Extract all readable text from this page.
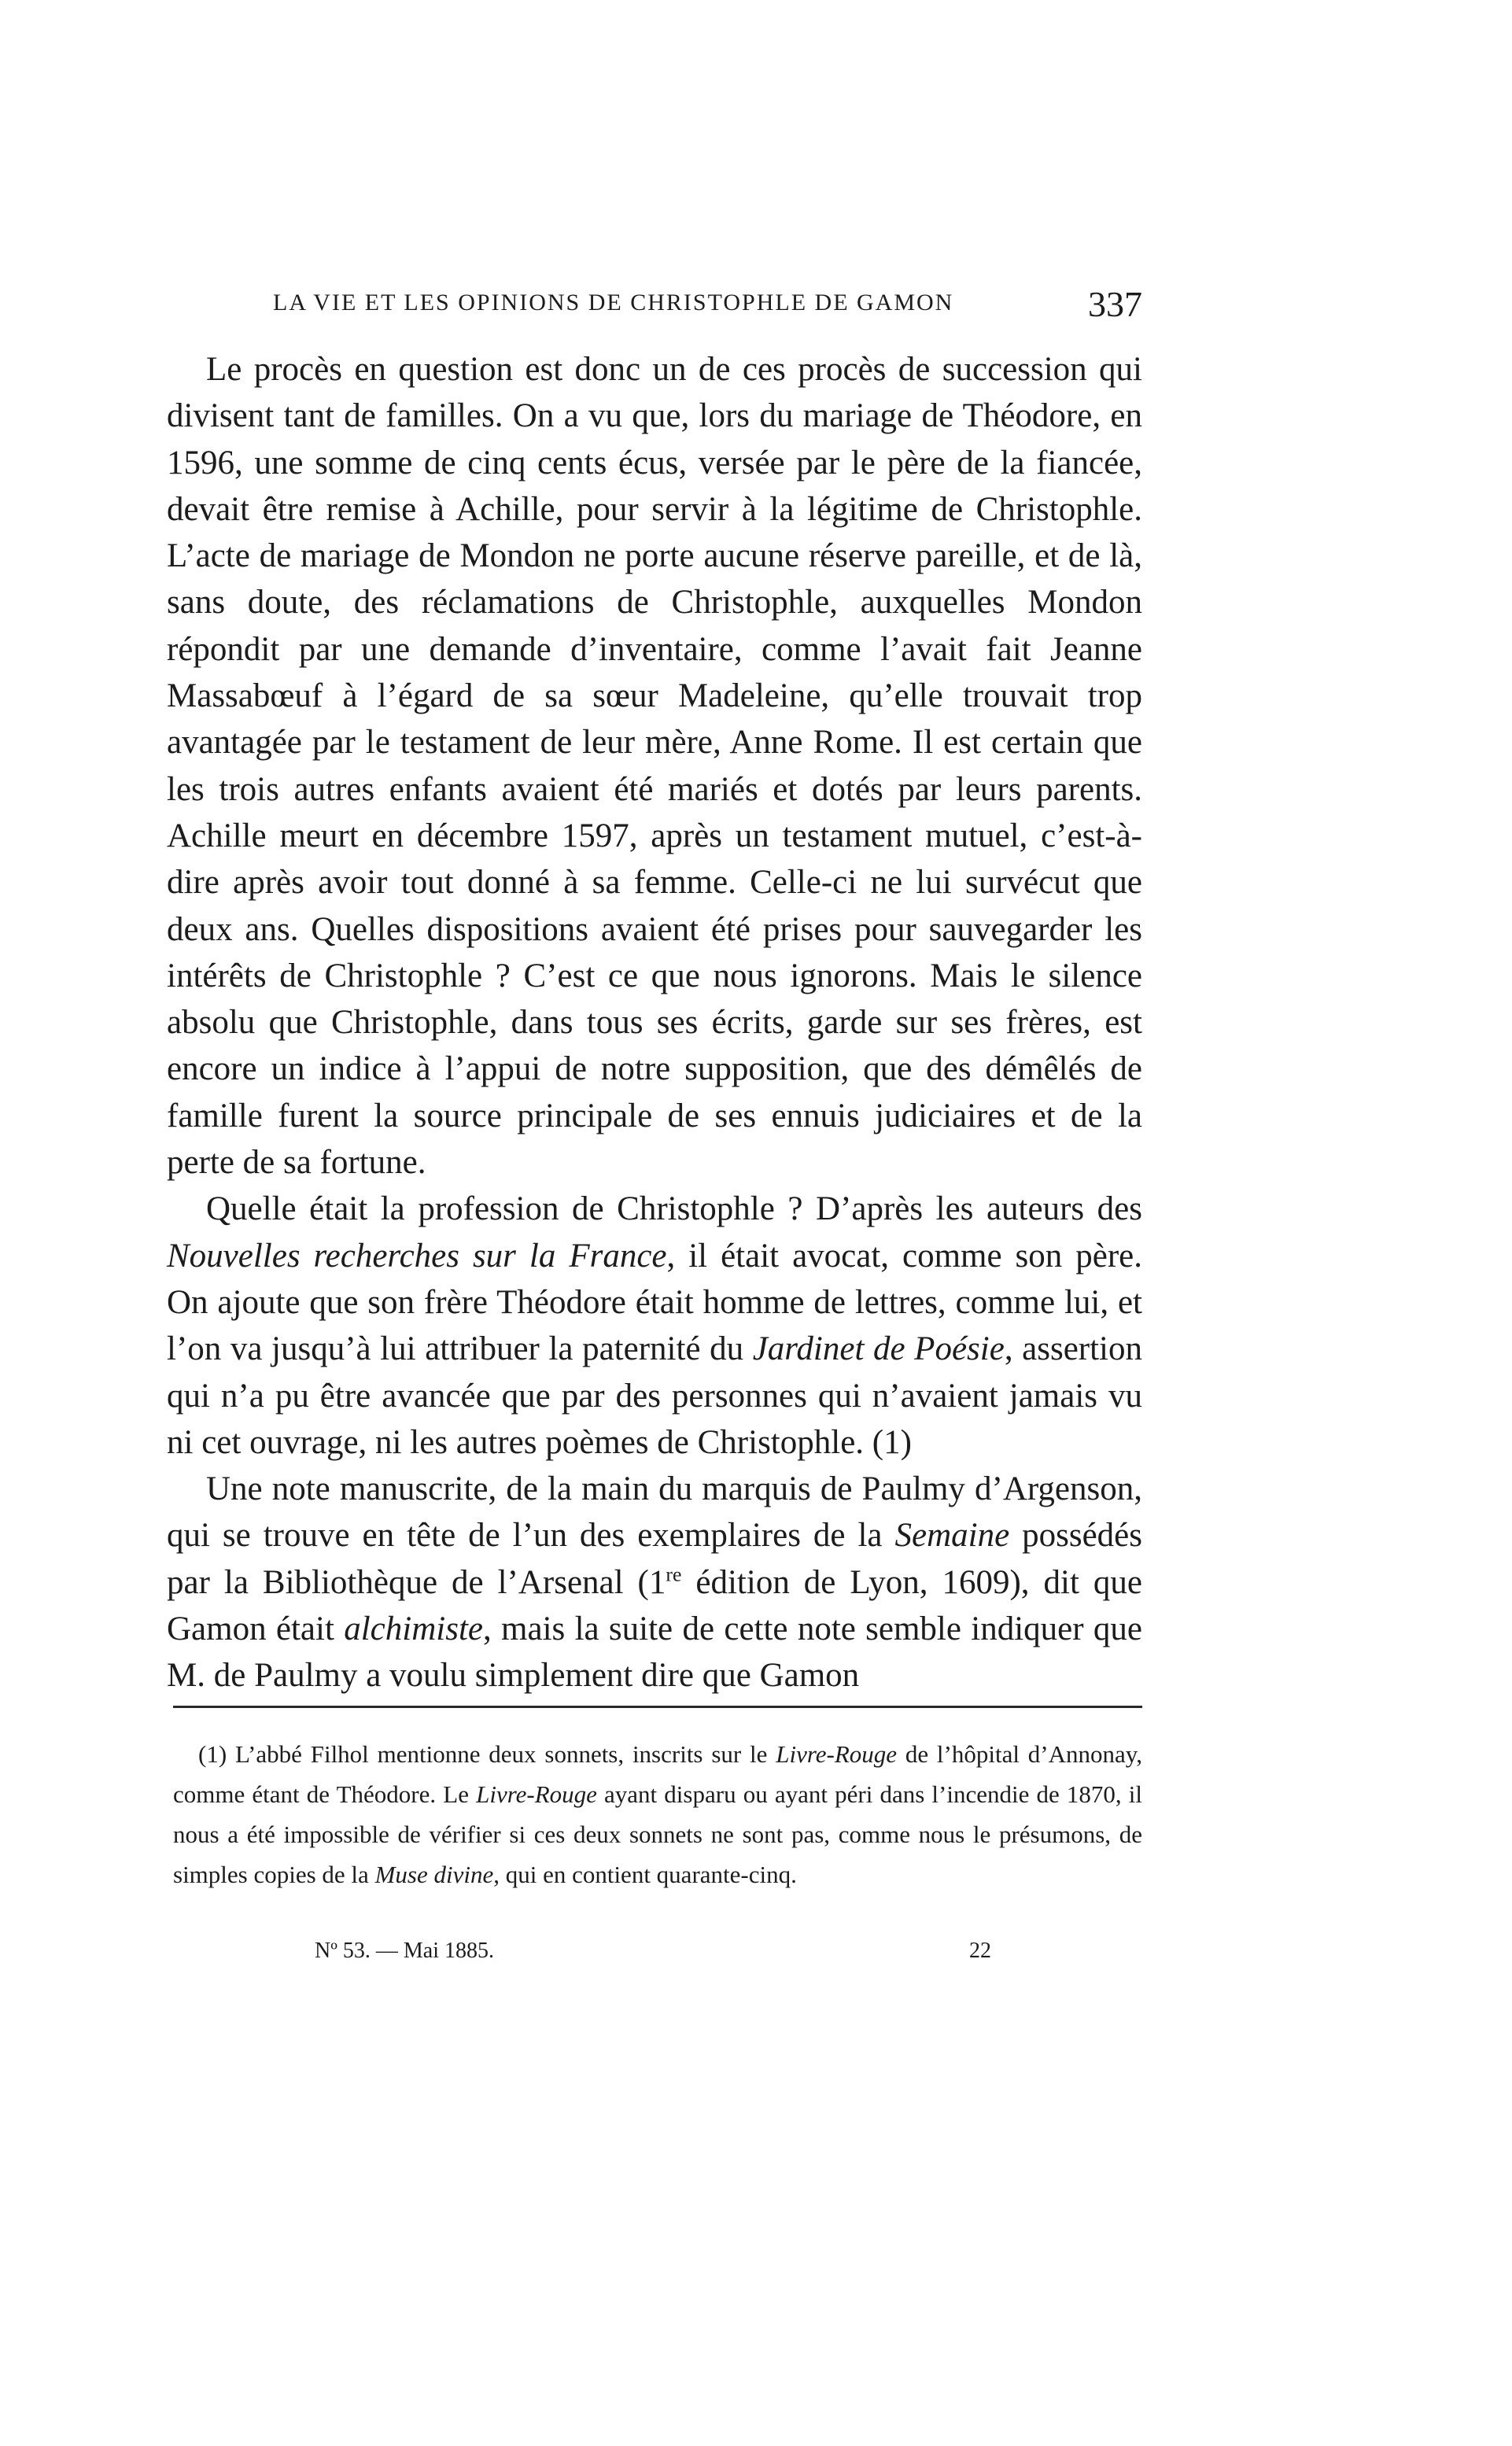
LA VIE ET LES OPINIONS DE CHRISTOPHLE DE GAMON	337

Le procès en question est donc un de ces procès de succession qui divisent tant de familles. On a vu que, lors du mariage de Théodore, en 1596, une somme de cinq cents écus, versée par le père de la fiancée, devait être remise à Achille, pour servir à la légitime de Christophle. L’acte de mariage de Mondon ne porte aucune réserve pareille, et de là, sans doute, des réclamations de Christophle, auxquelles Mondon répondit par une demande d’inventaire, comme l’avait fait Jeanne Massabœuf à l’égard de sa sœur Madeleine, qu’elle trouvait trop avantagée par le testament de leur mère, Anne Rome. Il est certain que les trois autres enfants avaient été mariés et dotés par leurs parents. Achille meurt en décembre 1597, après un testament mutuel, c’est-à-dire après avoir tout donné à sa femme. Celle-ci ne lui survécut que deux ans. Quelles dispositions avaient été prises pour sauvegarder les intérêts de Christophle ? C’est ce que nous ignorons. Mais le silence absolu que Christophle, dans tous ses écrits, garde sur ses frères, est encore un indice à l’appui de notre supposition, que des démêlés de famille furent la source principale de ses ennuis judiciaires et de la perte de sa fortune.

Quelle était la profession de Christophle ? D’après les auteurs des Nouvelles recherches sur la France, il était avocat, comme son père. On ajoute que son frère Théodore était homme de lettres, comme lui, et l’on va jusqu’à lui attribuer la paternité du Jardinet de Poésie, assertion qui n’a pu être avancée que par des personnes qui n’avaient jamais vu ni cet ouvrage, ni les autres poèmes de Christophle. (1)

Une note manuscrite, de la main du marquis de Paulmy d’Argenson, qui se trouve en tête de l’un des exemplaires de la Semaine possédés par la Bibliothèque de l’Arsenal (1re édition de Lyon, 1609), dit que Gamon était alchimiste, mais la suite de cette note semble indiquer que M. de Paulmy a voulu simplement dire que Gamon

(1) L’abbé Filhol mentionne deux sonnets, inscrits sur le Livre-Rouge de l’hôpital d’Annonay, comme étant de Théodore. Le Livre-Rouge ayant disparu ou ayant péri dans l’incendie de 1870, il nous a été impossible de vérifier si ces deux sonnets ne sont pas, comme nous le présumons, de simples copies de la Muse divine, qui en contient quarante-cinq.

Nº 53. — Mai 1885.	22
